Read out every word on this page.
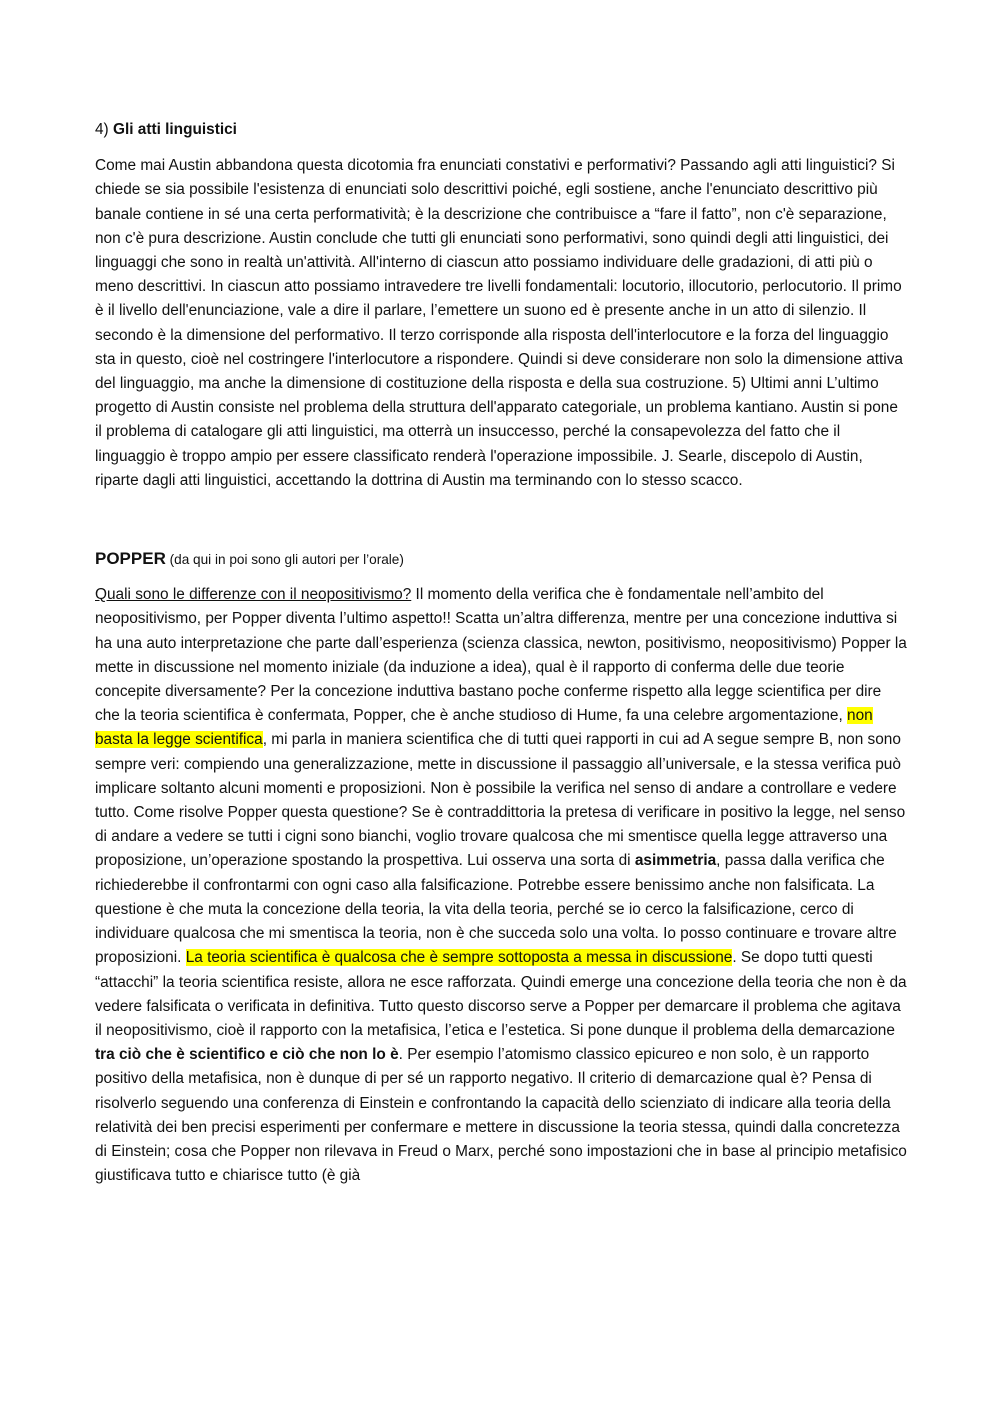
4) Gli atti linguistici

Come mai Austin abbandona questa dicotomia fra enunciati constativi e performativi? Passando agli atti linguistici? Si chiede se sia possibile l'esistenza di enunciati solo descrittivi poiché, egli sostiene, anche l'enunciato descrittivo più banale contiene in sé una certa performatività; è la descrizione che contribuisce a “fare il fatto”, non c'è separazione, non c'è pura descrizione. Austin conclude che tutti gli enunciati sono performativi, sono quindi degli atti linguistici, dei linguaggi che sono in realtà un'attività. All'interno di ciascun atto possiamo individuare delle gradazioni, di atti più o meno descrittivi. In ciascun atto possiamo intravedere tre livelli fondamentali: locutorio, illocutorio, perlocutorio. Il primo è il livello dell'enunciazione, vale a dire il parlare, l’emettere un suono ed è presente anche in un atto di silenzio. Il secondo è la dimensione del performativo. Il terzo corrisponde alla risposta dell'interlocutore e la forza del linguaggio sta in questo, cioè nel costringere l'interlocutore a rispondere. Quindi si deve considerare non solo la dimensione attiva del linguaggio, ma anche la dimensione di costituzione della risposta e della sua costruzione. 5) Ultimi anni L’ultimo progetto di Austin consiste nel problema della struttura dell'apparato categoriale, un problema kantiano. Austin si pone il problema di catalogare gli atti linguistici, ma otterrà un insuccesso, perché la consapevolezza del fatto che il linguaggio è troppo ampio per essere classificato renderà l'operazione impossibile. J. Searle, discepolo di Austin, riparte dagli atti linguistici, accettando la dottrina di Austin ma terminando con lo stesso scacco.

POPPER (da qui in poi sono gli autori per l’orale)

Quali sono le differenze con il neopositivismo? Il momento della verifica che è fondamentale nell’ambito del neopositivismo, per Popper diventa l’ultimo aspetto!! Scatta un’altra differenza, mentre per una concezione induttiva si ha una auto interpretazione che parte dall’esperienza (scienza classica, newton, positivismo, neopositivismo) Popper la mette in discussione nel momento iniziale (da induzione a idea), qual è il rapporto di conferma delle due teorie concepite diversamente? Per la concezione induttiva bastano poche conferme rispetto alla legge scientifica per dire che la teoria scientifica è confermata, Popper, che è anche studioso di Hume, fa una celebre argomentazione, non basta la legge scientifica, mi parla in maniera scientifica che di tutti quei rapporti in cui ad A segue sempre B, non sono sempre veri: compiendo una generalizzazione, mette in discussione il passaggio all’universale, e la stessa verifica può implicare soltanto alcuni momenti e proposizioni. Non è possibile la verifica nel senso di andare a controllare e vedere tutto. Come risolve Popper questa questione? Se è contraddittoria la pretesa di verificare in positivo la legge, nel senso di andare a vedere se tutti i cigni sono bianchi, voglio trovare qualcosa che mi smentisce quella legge attraverso una proposizione, un’operazione spostando la prospettiva. Lui osserva una sorta di asimmetria, passa dalla verifica che richiederebbe il confrontarmi con ogni caso alla falsificazione. Potrebbe essere benissimo anche non falsificata. La questione è che muta la concezione della teoria, la vita della teoria, perché se io cerco la falsificazione, cerco di individuare qualcosa che mi smentisca la teoria, non è che succeda solo una volta. Io posso continuare e trovare altre proposizioni. La teoria scientifica è qualcosa che è sempre sottoposta a messa in discussione. Se dopo tutti questi “attacchi” la teoria scientifica resiste, allora ne esce rafforzata. Quindi emerge una concezione della teoria che non è da vedere falsificata o verificata in definitiva. Tutto questo discorso serve a Popper per demarcare il problema che agitava il neopositivismo, cioè il rapporto con la metafisica, l’etica e l’estetica. Si pone dunque il problema della demarcazione tra ciò che è scientifico e ciò che non lo è. Per esempio l’atomismo classico epicureo e non solo, è un rapporto positivo della metafisica, non è dunque di per sé un rapporto negativo. Il criterio di demarcazione qual è? Pensa di risolverlo seguendo una conferenza di Einstein e confrontando la capacità dello scienziato di indicare alla teoria della relatività dei ben precisi esperimenti per confermare e mettere in discussione la teoria stessa, quindi dalla concretezza di Einstein; cosa che Popper non rilevava in Freud o Marx, perché sono impostazioni che in base al principio metafisico giustificava tutto e chiarisce tutto (è già
